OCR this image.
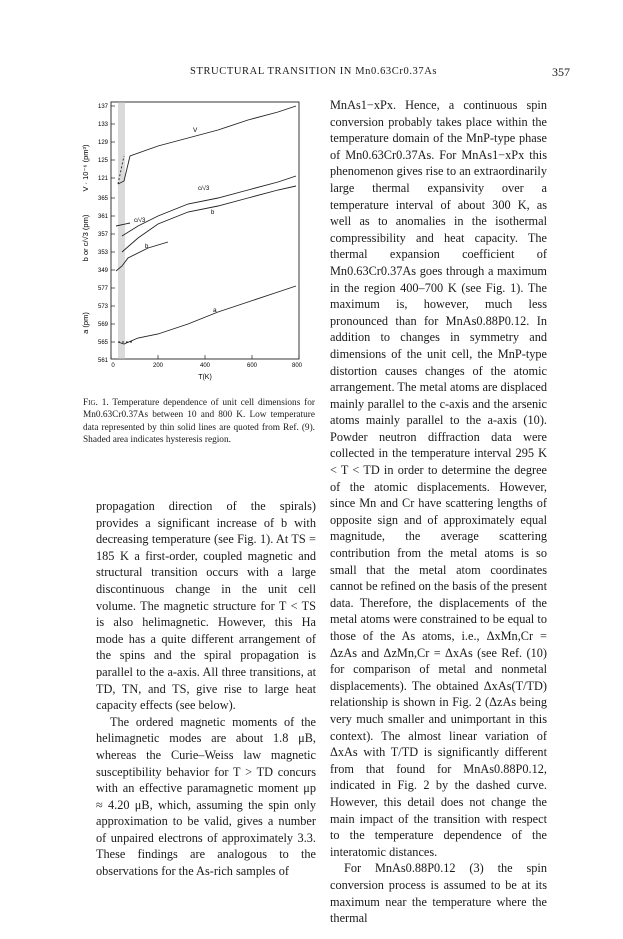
STRUCTURAL TRANSITION IN Mn0.63Cr0.37As	357
V · 10⁻⁶ (pm³)
b or c/√3 (pm)
a (pm)
137
133
129
125
121
365
361
357
353
349
577
573
569
565
561
0	200	400	600	800
T(K)
V
c/√3
c/√3
b
b
a
Fig. 1. Temperature dependence of unit cell dimensions for Mn0.63Cr0.37As between 10 and 800 K. Low temperature data represented by thin solid lines are quoted from Ref. (9). Shaded area indicates hysteresis region.

propagation direction of the spirals) provides a significant increase of b with decreasing temperature (see Fig. 1). At TS = 185 K a first-order, coupled magnetic and structural transition occurs with a large discontinuous change in the unit cell volume. The magnetic structure for T < TS is also helimagnetic. However, this Ha mode has a quite different arrangement of the spins and the spiral propagation is parallel to the a-axis. All three transitions, at TD, TN, and TS, give rise to large heat capacity effects (see below).

The ordered magnetic moments of the helimagnetic modes are about 1.8 μB, whereas the Curie–Weiss law magnetic susceptibility behavior for T > TD concurs with an effective paramagnetic moment μp ≈ 4.20 μB, which, assuming the spin only approximation to be valid, gives a number of unpaired electrons of approximately 3.3. These findings are analogous to the observations for the As-rich samples of

MnAs1−xPx. Hence, a continuous spin conversion probably takes place within the temperature domain of the MnP-type phase of Mn0.63Cr0.37As. For MnAs1−xPx this phenomenon gives rise to an extraordinarily large thermal expansivity over a temperature interval of about 300 K, as well as to anomalies in the isothermal compressibility and heat capacity. The thermal expansion coefficient of Mn0.63Cr0.37As goes through a maximum in the region 400–700 K (see Fig. 1). The maximum is, however, much less pronounced than for MnAs0.88P0.12. In addition to changes in symmetry and dimensions of the unit cell, the MnP-type distortion causes changes of the atomic arrangement. The metal atoms are displaced mainly parallel to the c-axis and the arsenic atoms mainly parallel to the a-axis (10). Powder neutron diffraction data were collected in the temperature interval 295 K < T < TD in order to determine the degree of the atomic displacements. However, since Mn and Cr have scattering lengths of opposite sign and of approximately equal magnitude, the average scattering contribution from the metal atoms is so small that the metal atom coordinates cannot be refined on the basis of the present data. Therefore, the displacements of the metal atoms were constrained to be equal to those of the As atoms, i.e., ΔxMn,Cr = ΔzAs and ΔzMn,Cr = ΔxAs (see Ref. (10) for comparison of metal and nonmetal displacements). The obtained ΔxAs(T/TD) relationship is shown in Fig. 2 (ΔzAs being very much smaller and unimportant in this context). The almost linear variation of ΔxAs with T/TD is significantly different from that found for MnAs0.88P0.12, indicated in Fig. 2 by the dashed curve. However, this detail does not change the main impact of the transition with respect to the temperature dependence of the interatomic distances.

For MnAs0.88P0.12 (3) the spin conversion process is assumed to be at its maximum near the temperature where the thermal
